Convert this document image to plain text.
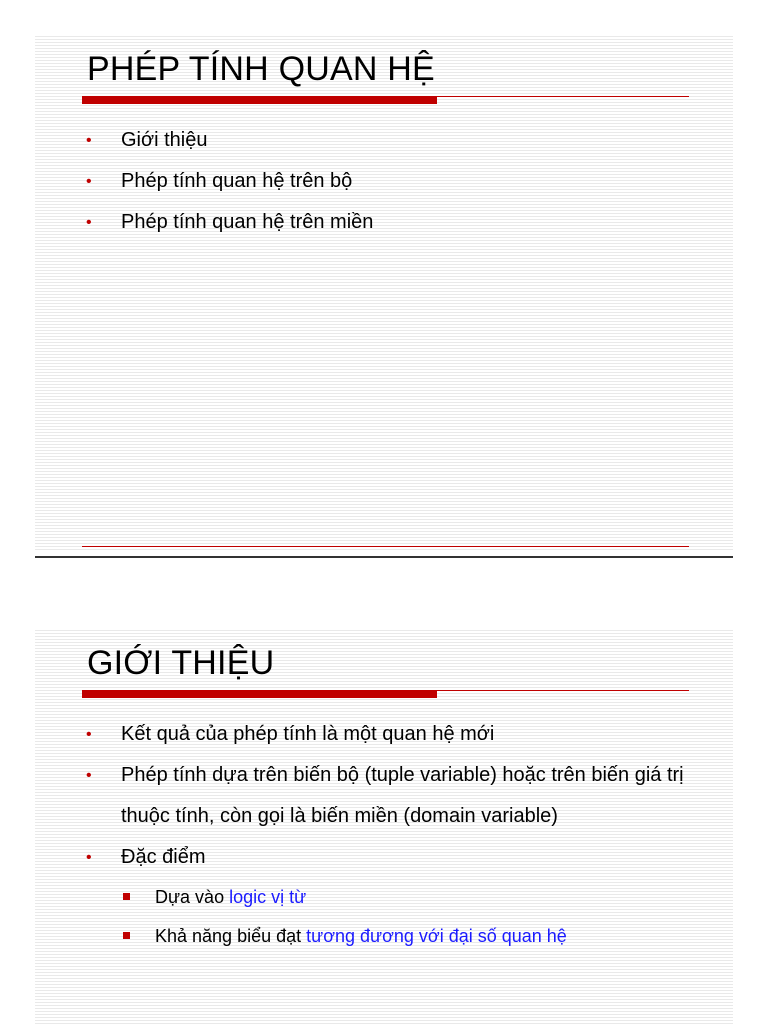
PHÉP TÍNH QUAN HỆ
• Giới thiệu
• Phép tính quan hệ trên bộ
• Phép tính quan hệ trên miền
GIỚI THIỆU
• Kết quả của phép tính là một quan hệ mới
• Phép tính dựa trên biến bộ (tuple variable) hoặc trên biến giá trị thuộc tính, còn gọi là biến miền (domain variable)
• Đặc điểm
Dựa vào logic vị từ
Khả năng biểu đạt tương đương với đại số quan hệ
